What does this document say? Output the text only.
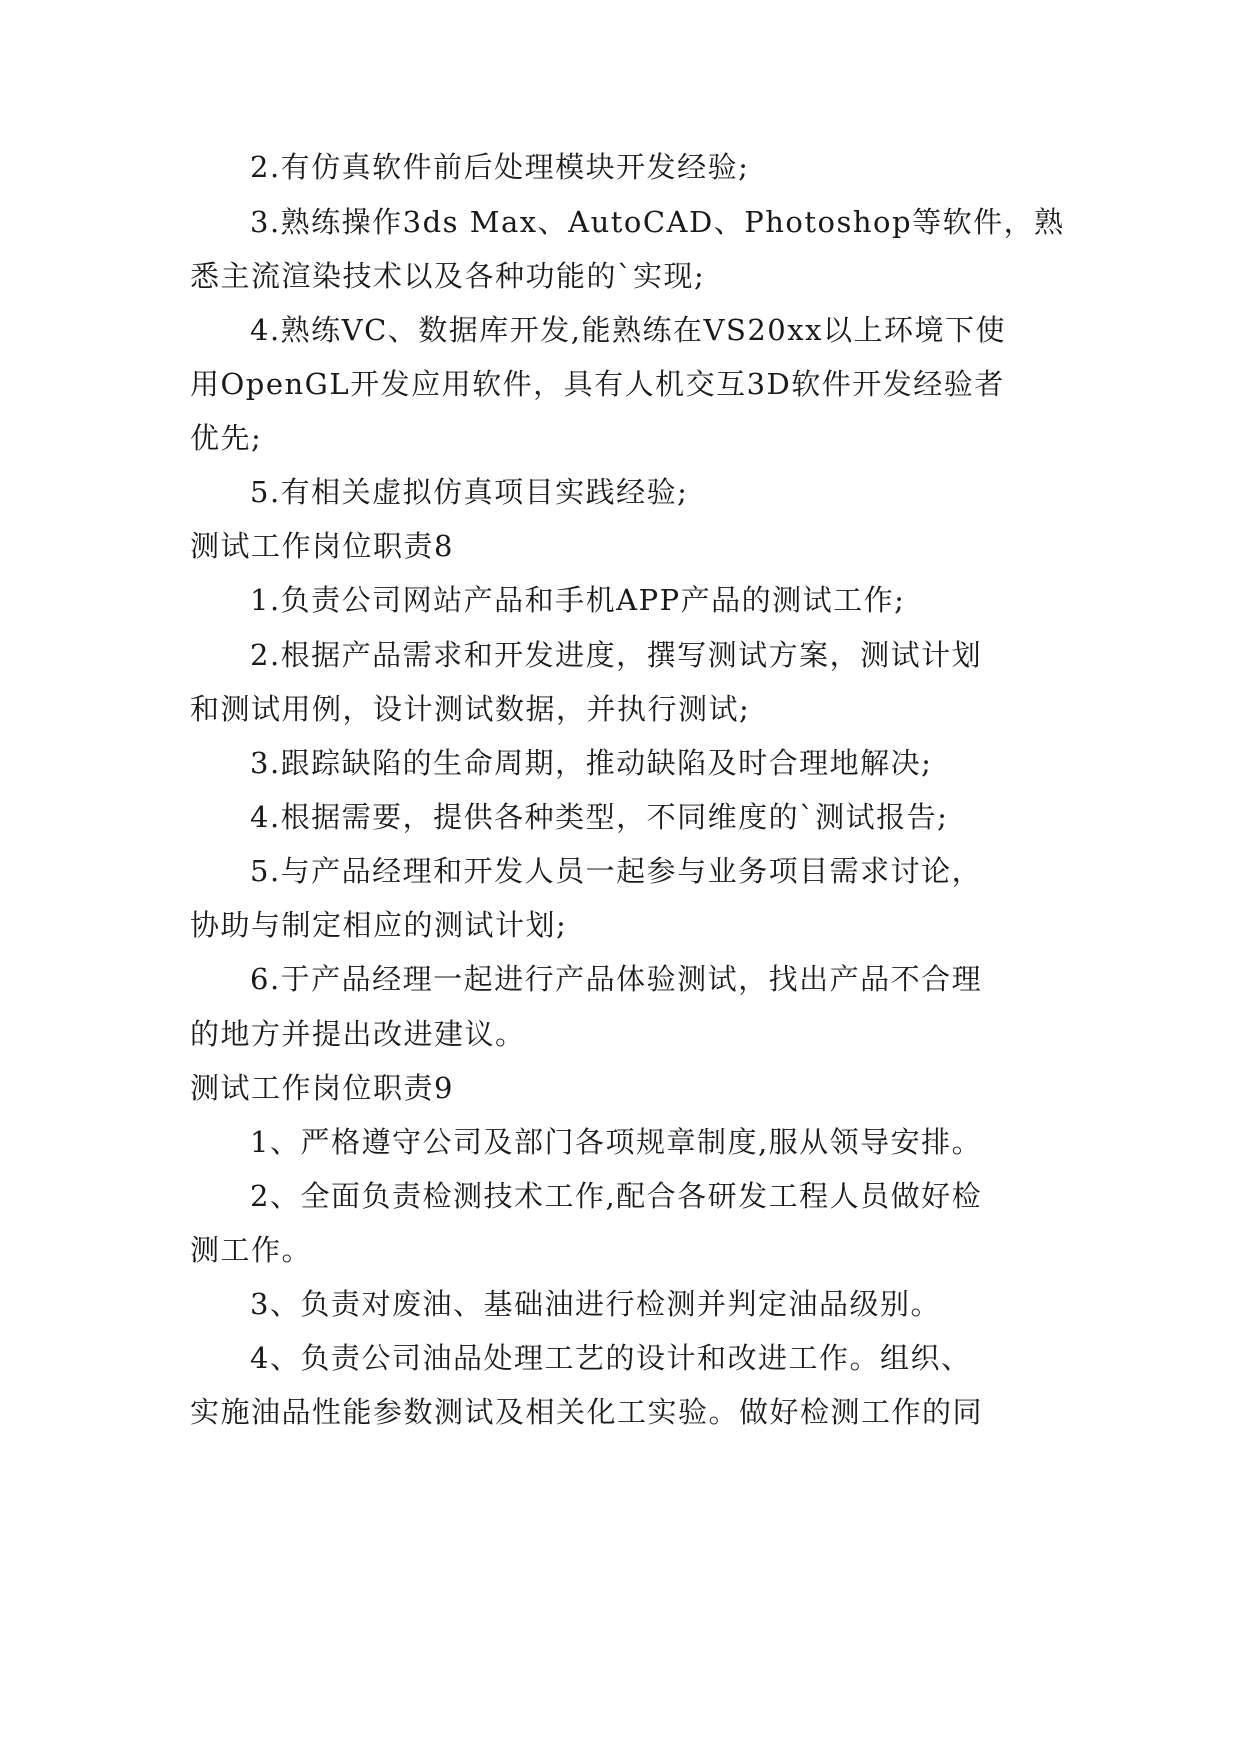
2.有仿真软件前后处理模块开发经验;
3.熟练操作3ds Max、AutoCAD、Photoshop等软件，熟
悉主流渲染技术以及各种功能的`实现;
4.熟练VC、数据库开发,能熟练在VS20xx以上环境下使
用OpenGL开发应用软件，具有人机交互3D软件开发经验者
优先;
5.有相关虚拟仿真项目实践经验;
测试工作岗位职责8
1.负责公司网站产品和手机APP产品的测试工作;
2.根据产品需求和开发进度，撰写测试方案，测试计划
和测试用例，设计测试数据，并执行测试;
3.跟踪缺陷的生命周期，推动缺陷及时合理地解决;
4.根据需要，提供各种类型，不同维度的`测试报告;
5.与产品经理和开发人员一起参与业务项目需求讨论，
协助与制定相应的测试计划;
6.于产品经理一起进行产品体验测试，找出产品不合理
的地方并提出改进建议。
测试工作岗位职责9
1、严格遵守公司及部门各项规章制度,服从领导安排。
2、全面负责检测技术工作,配合各研发工程人员做好检
测工作。
3、负责对废油、基础油进行检测并判定油品级别。
4、负责公司油品处理工艺的设计和改进工作。组织、
实施油品性能参数测试及相关化工实验。做好检测工作的同
